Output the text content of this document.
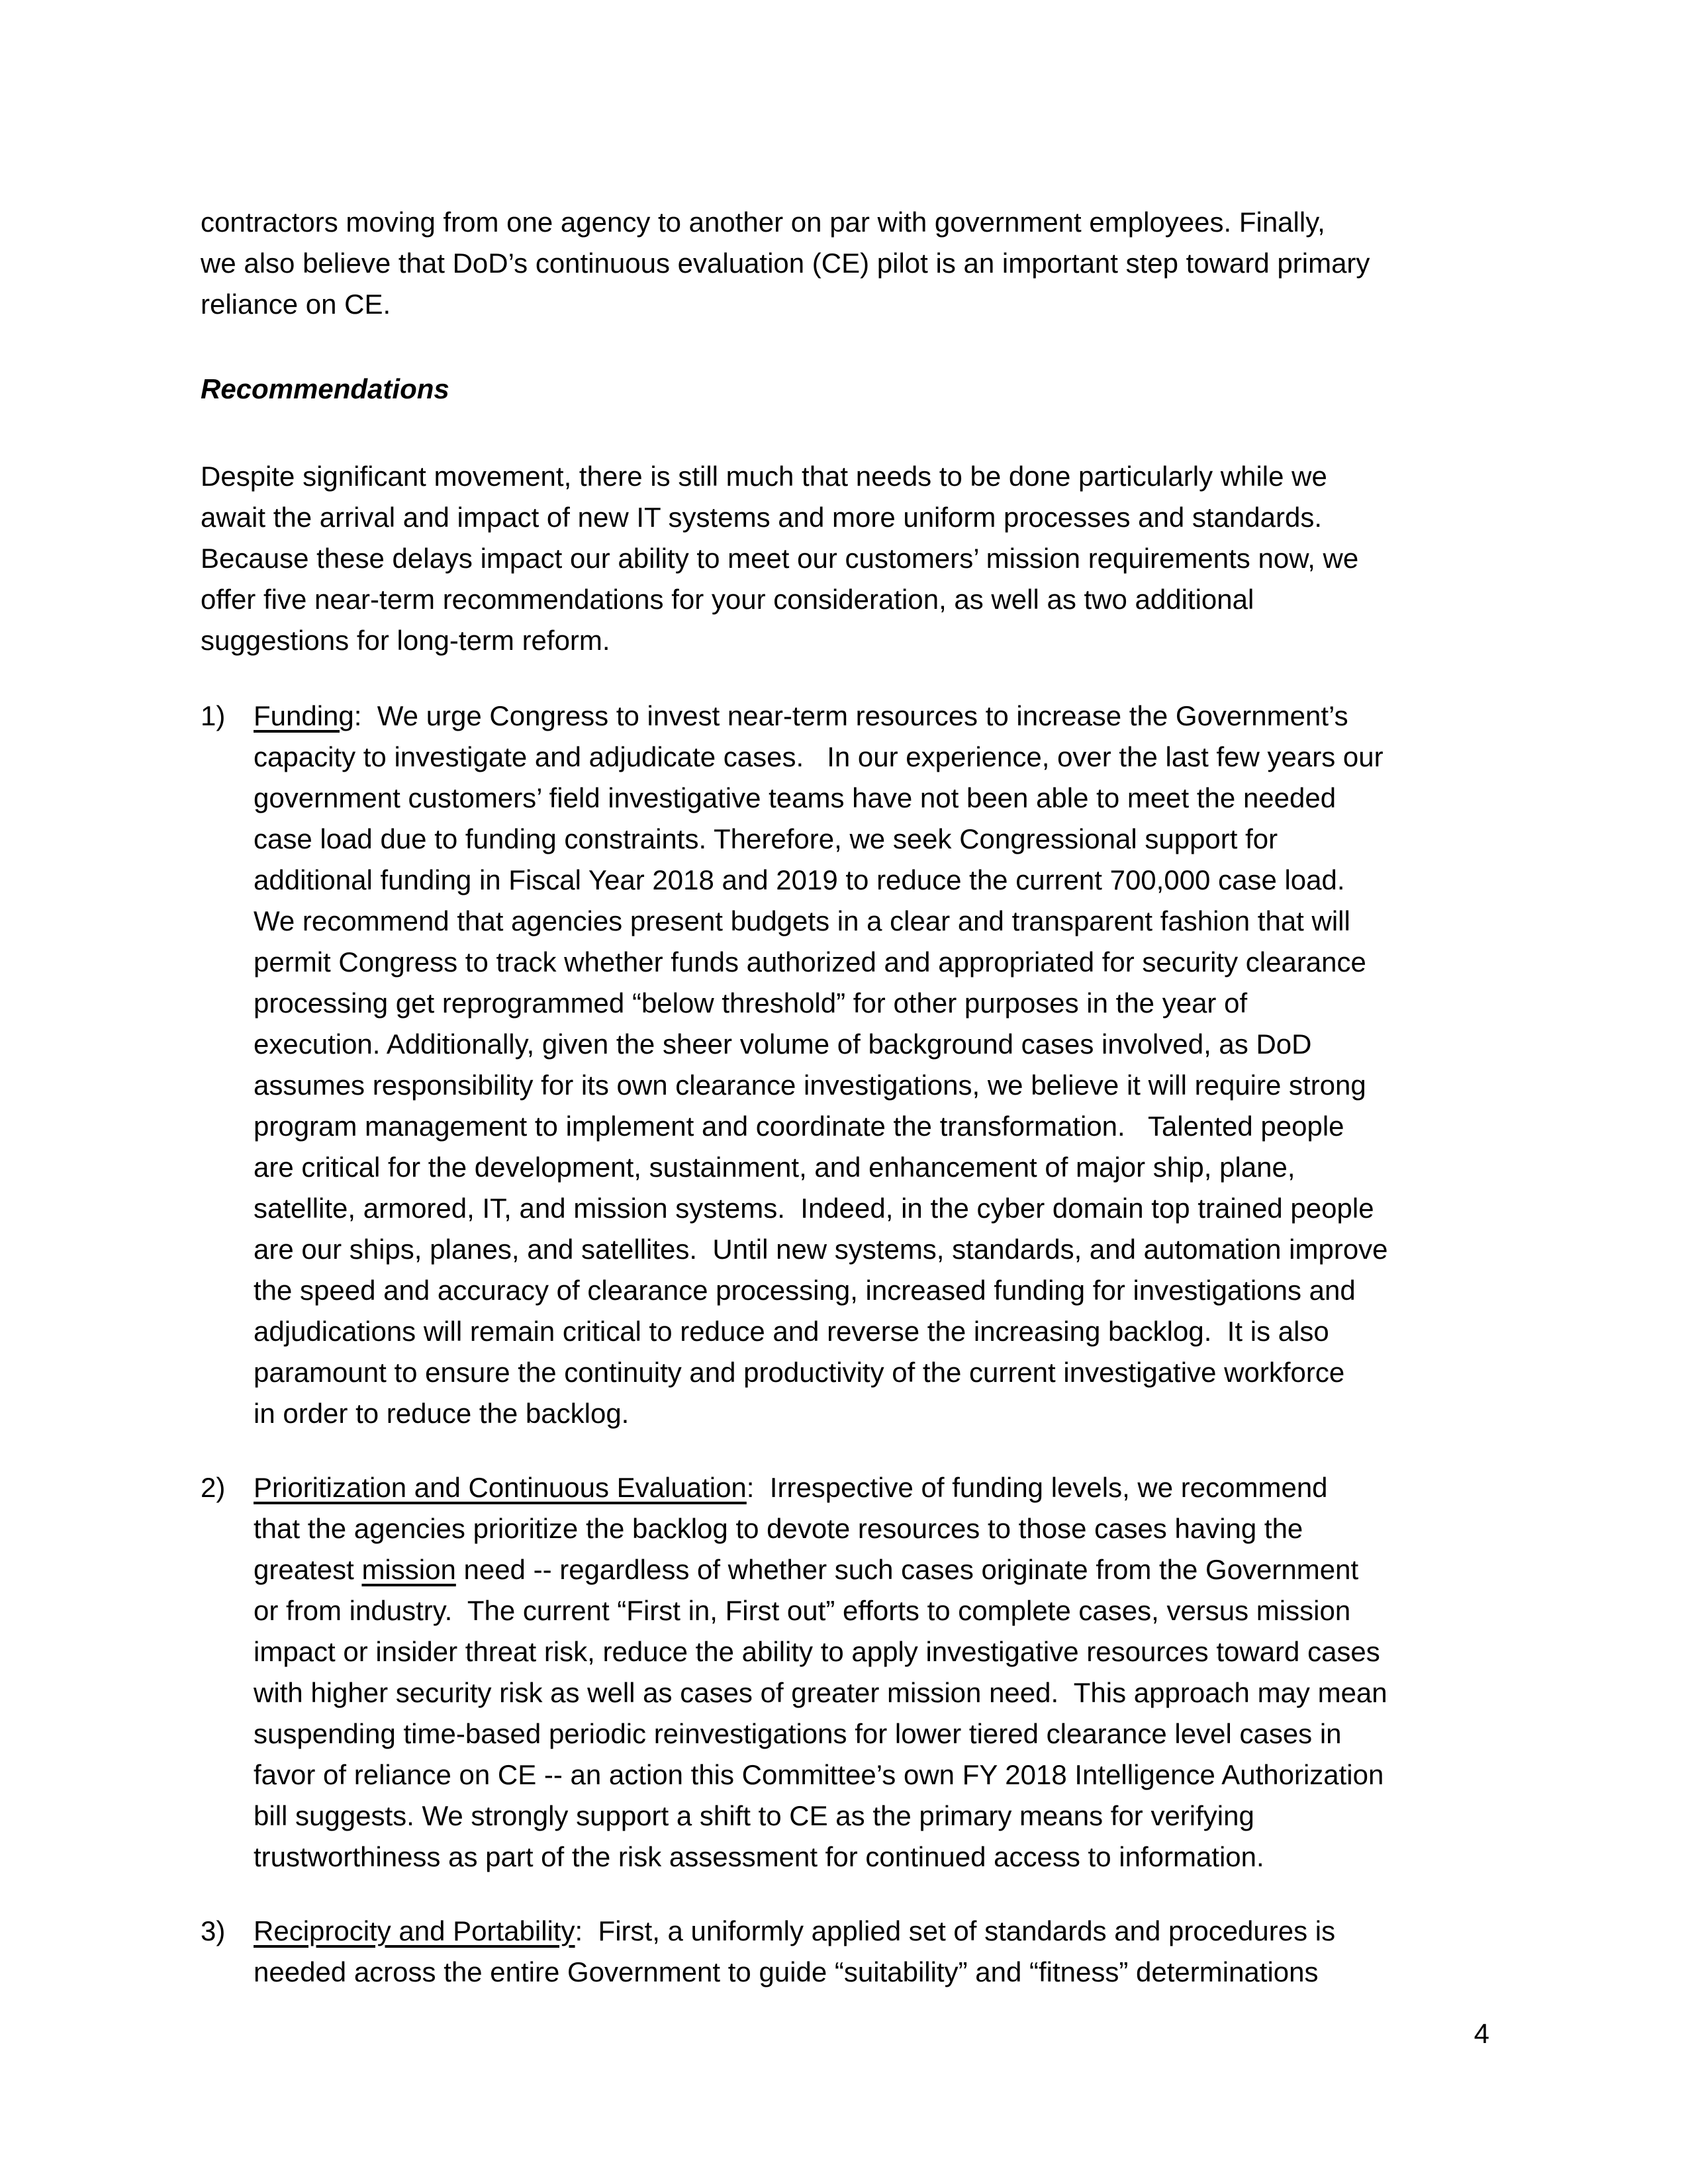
contractors moving from one agency to another on par with government employees. Finally,
we also believe that DoD’s continuous evaluation (CE) pilot is an important step toward primary
reliance on CE.
Recommendations
Despite significant movement, there is still much that needs to be done particularly while we
await the arrival and impact of new IT systems and more uniform processes and standards.
Because these delays impact our ability to meet our customers’ mission requirements now, we
offer five near-term recommendations for your consideration, as well as two additional
suggestions for long-term reform.
1)	Funding:  We urge Congress to invest near-term resources to increase the Government’s
capacity to investigate and adjudicate cases.   In our experience, over the last few years our
government customers’ field investigative teams have not been able to meet the needed
case load due to funding constraints. Therefore, we seek Congressional support for
additional funding in Fiscal Year 2018 and 2019 to reduce the current 700,000 case load.
We recommend that agencies present budgets in a clear and transparent fashion that will
permit Congress to track whether funds authorized and appropriated for security clearance
processing get reprogrammed “below threshold” for other purposes in the year of
execution. Additionally, given the sheer volume of background cases involved, as DoD
assumes responsibility for its own clearance investigations, we believe it will require strong
program management to implement and coordinate the transformation.   Talented people
are critical for the development, sustainment, and enhancement of major ship, plane,
satellite, armored, IT, and mission systems.  Indeed, in the cyber domain top trained people
are our ships, planes, and satellites.  Until new systems, standards, and automation improve
the speed and accuracy of clearance processing, increased funding for investigations and
adjudications will remain critical to reduce and reverse the increasing backlog.  It is also
paramount to ensure the continuity and productivity of the current investigative workforce
in order to reduce the backlog.
2)	Prioritization and Continuous Evaluation:  Irrespective of funding levels, we recommend
that the agencies prioritize the backlog to devote resources to those cases having the
greatest mission need -- regardless of whether such cases originate from the Government
or from industry.  The current “First in, First out” efforts to complete cases, versus mission
impact or insider threat risk, reduce the ability to apply investigative resources toward cases
with higher security risk as well as cases of greater mission need.  This approach may mean
suspending time-based periodic reinvestigations for lower tiered clearance level cases in
favor of reliance on CE -- an action this Committee’s own FY 2018 Intelligence Authorization
bill suggests. We strongly support a shift to CE as the primary means for verifying
trustworthiness as part of the risk assessment for continued access to information.
3)	Reciprocity and Portability:  First, a uniformly applied set of standards and procedures is
needed across the entire Government to guide “suitability” and “fitness” determinations
4
